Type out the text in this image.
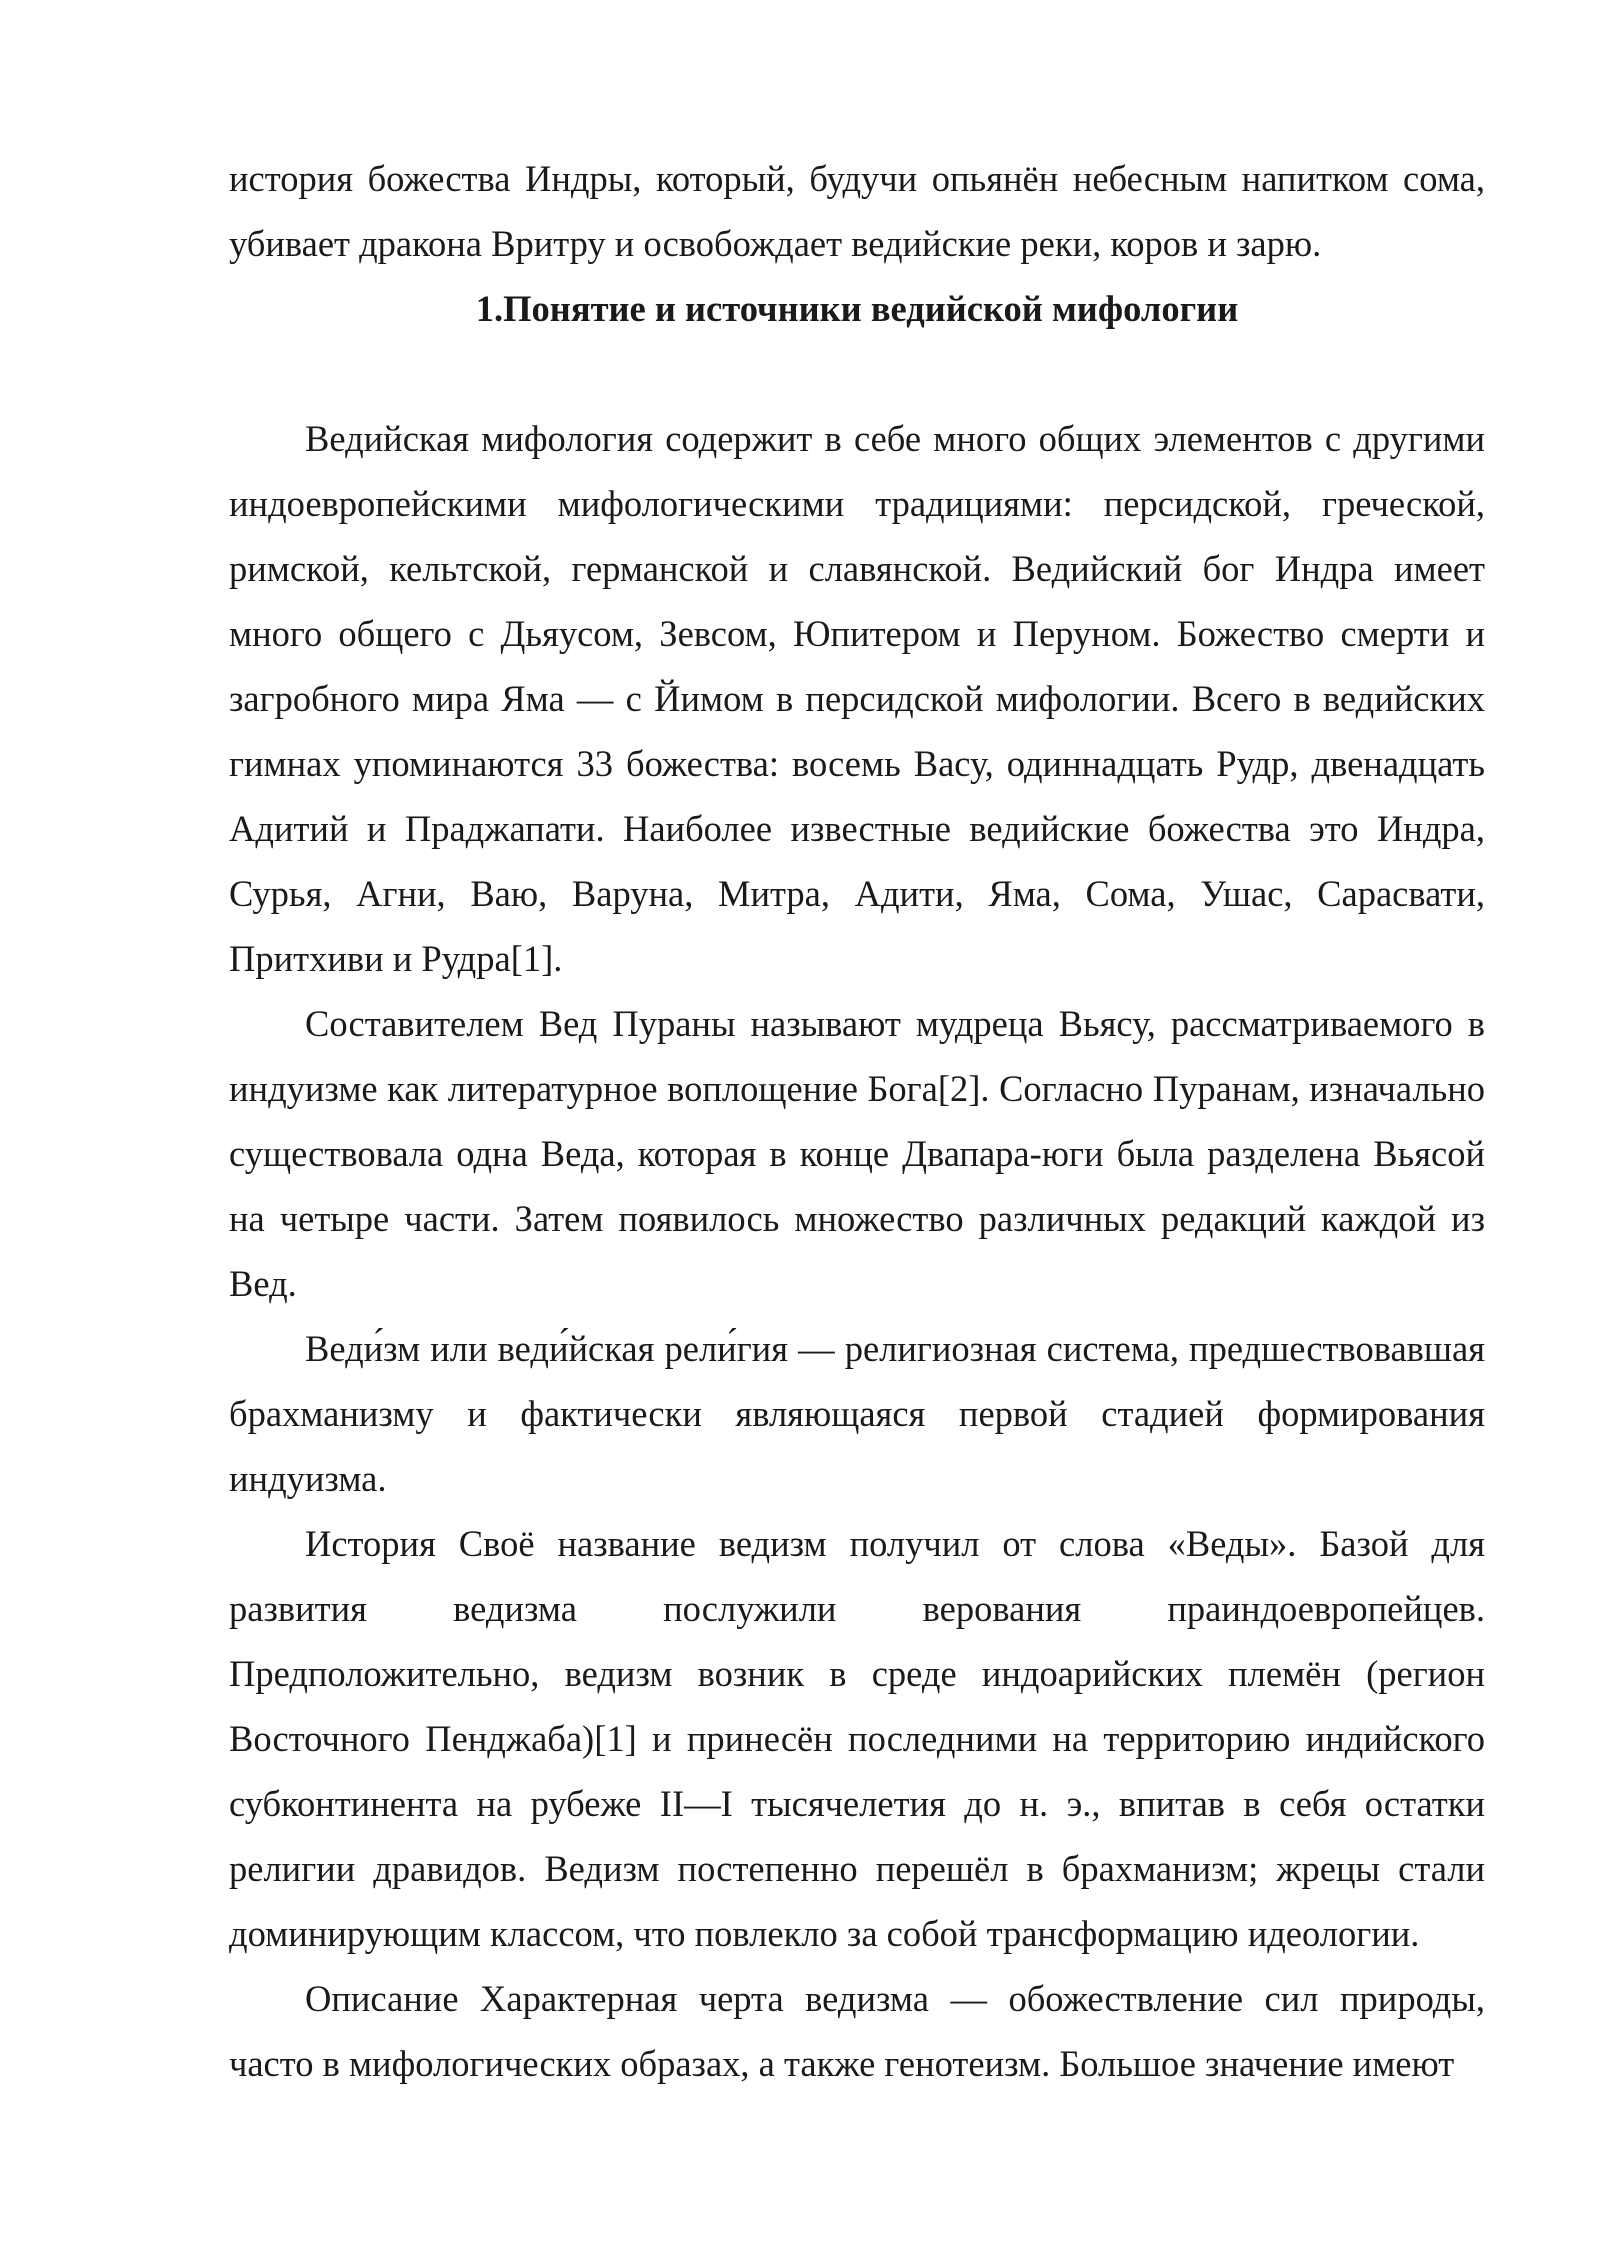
история божества Индры, который, будучи опьянён небесным напитком сома, убивает дракона Вритру и освобождает ведийские реки, коров и зарю.

1.Понятие и источники ведийской мифологии

Ведийская мифология содержит в себе много общих элементов с другими индоевропейскими мифологическими традициями: персидской, греческой, римской, кельтской, германской и славянской. Ведийский бог Индра имеет много общего с Дьяусом, Зевсом, Юпитером и Перуном. Божество смерти и загробного мира Яма — с Йимом в персидской мифологии. Всего в ведийских гимнах упоминаются 33 божества: восемь Васу, одиннадцать Рудр, двенадцать Адитий и Праджапати. Наиболее известные ведийские божества это Индра, Сурья, Агни, Ваю, Варуна, Митра, Адити, Яма, Сома, Ушас, Сарасвати, Притхиви и Рудра[1].

Составителем Вед Пураны называют мудреца Вьясу, рассматриваемого в индуизме как литературное воплощение Бога[2]. Согласно Пуранам, изначально существовала одна Веда, которая в конце Двапара-юги была разделена Вьясой на четыре части. Затем появилось множество различных редакций каждой из Вед.

Веди́зм или веди́йская рели́гия — религиозная система, предшествовавшая брахманизму и фактически являющаяся первой стадией формирования индуизма.

История Своё название ведизм получил от слова «Веды». Базой для развития ведизма послужили верования праиндоевропейцев. Предположительно, ведизм возник в среде индоарийских племён (регион Восточного Пенджаба)[1] и принесён последними на территорию индийского субконтинента на рубеже II—I тысячелетия до н. э., впитав в себя остатки религии дравидов. Ведизм постепенно перешёл в брахманизм; жрецы стали доминирующим классом, что повлекло за собой трансформацию идеологии.

Описание Характерная черта ведизма — обожествление сил природы, часто в мифологических образах, а также генотеизм. Большое значение имеют
